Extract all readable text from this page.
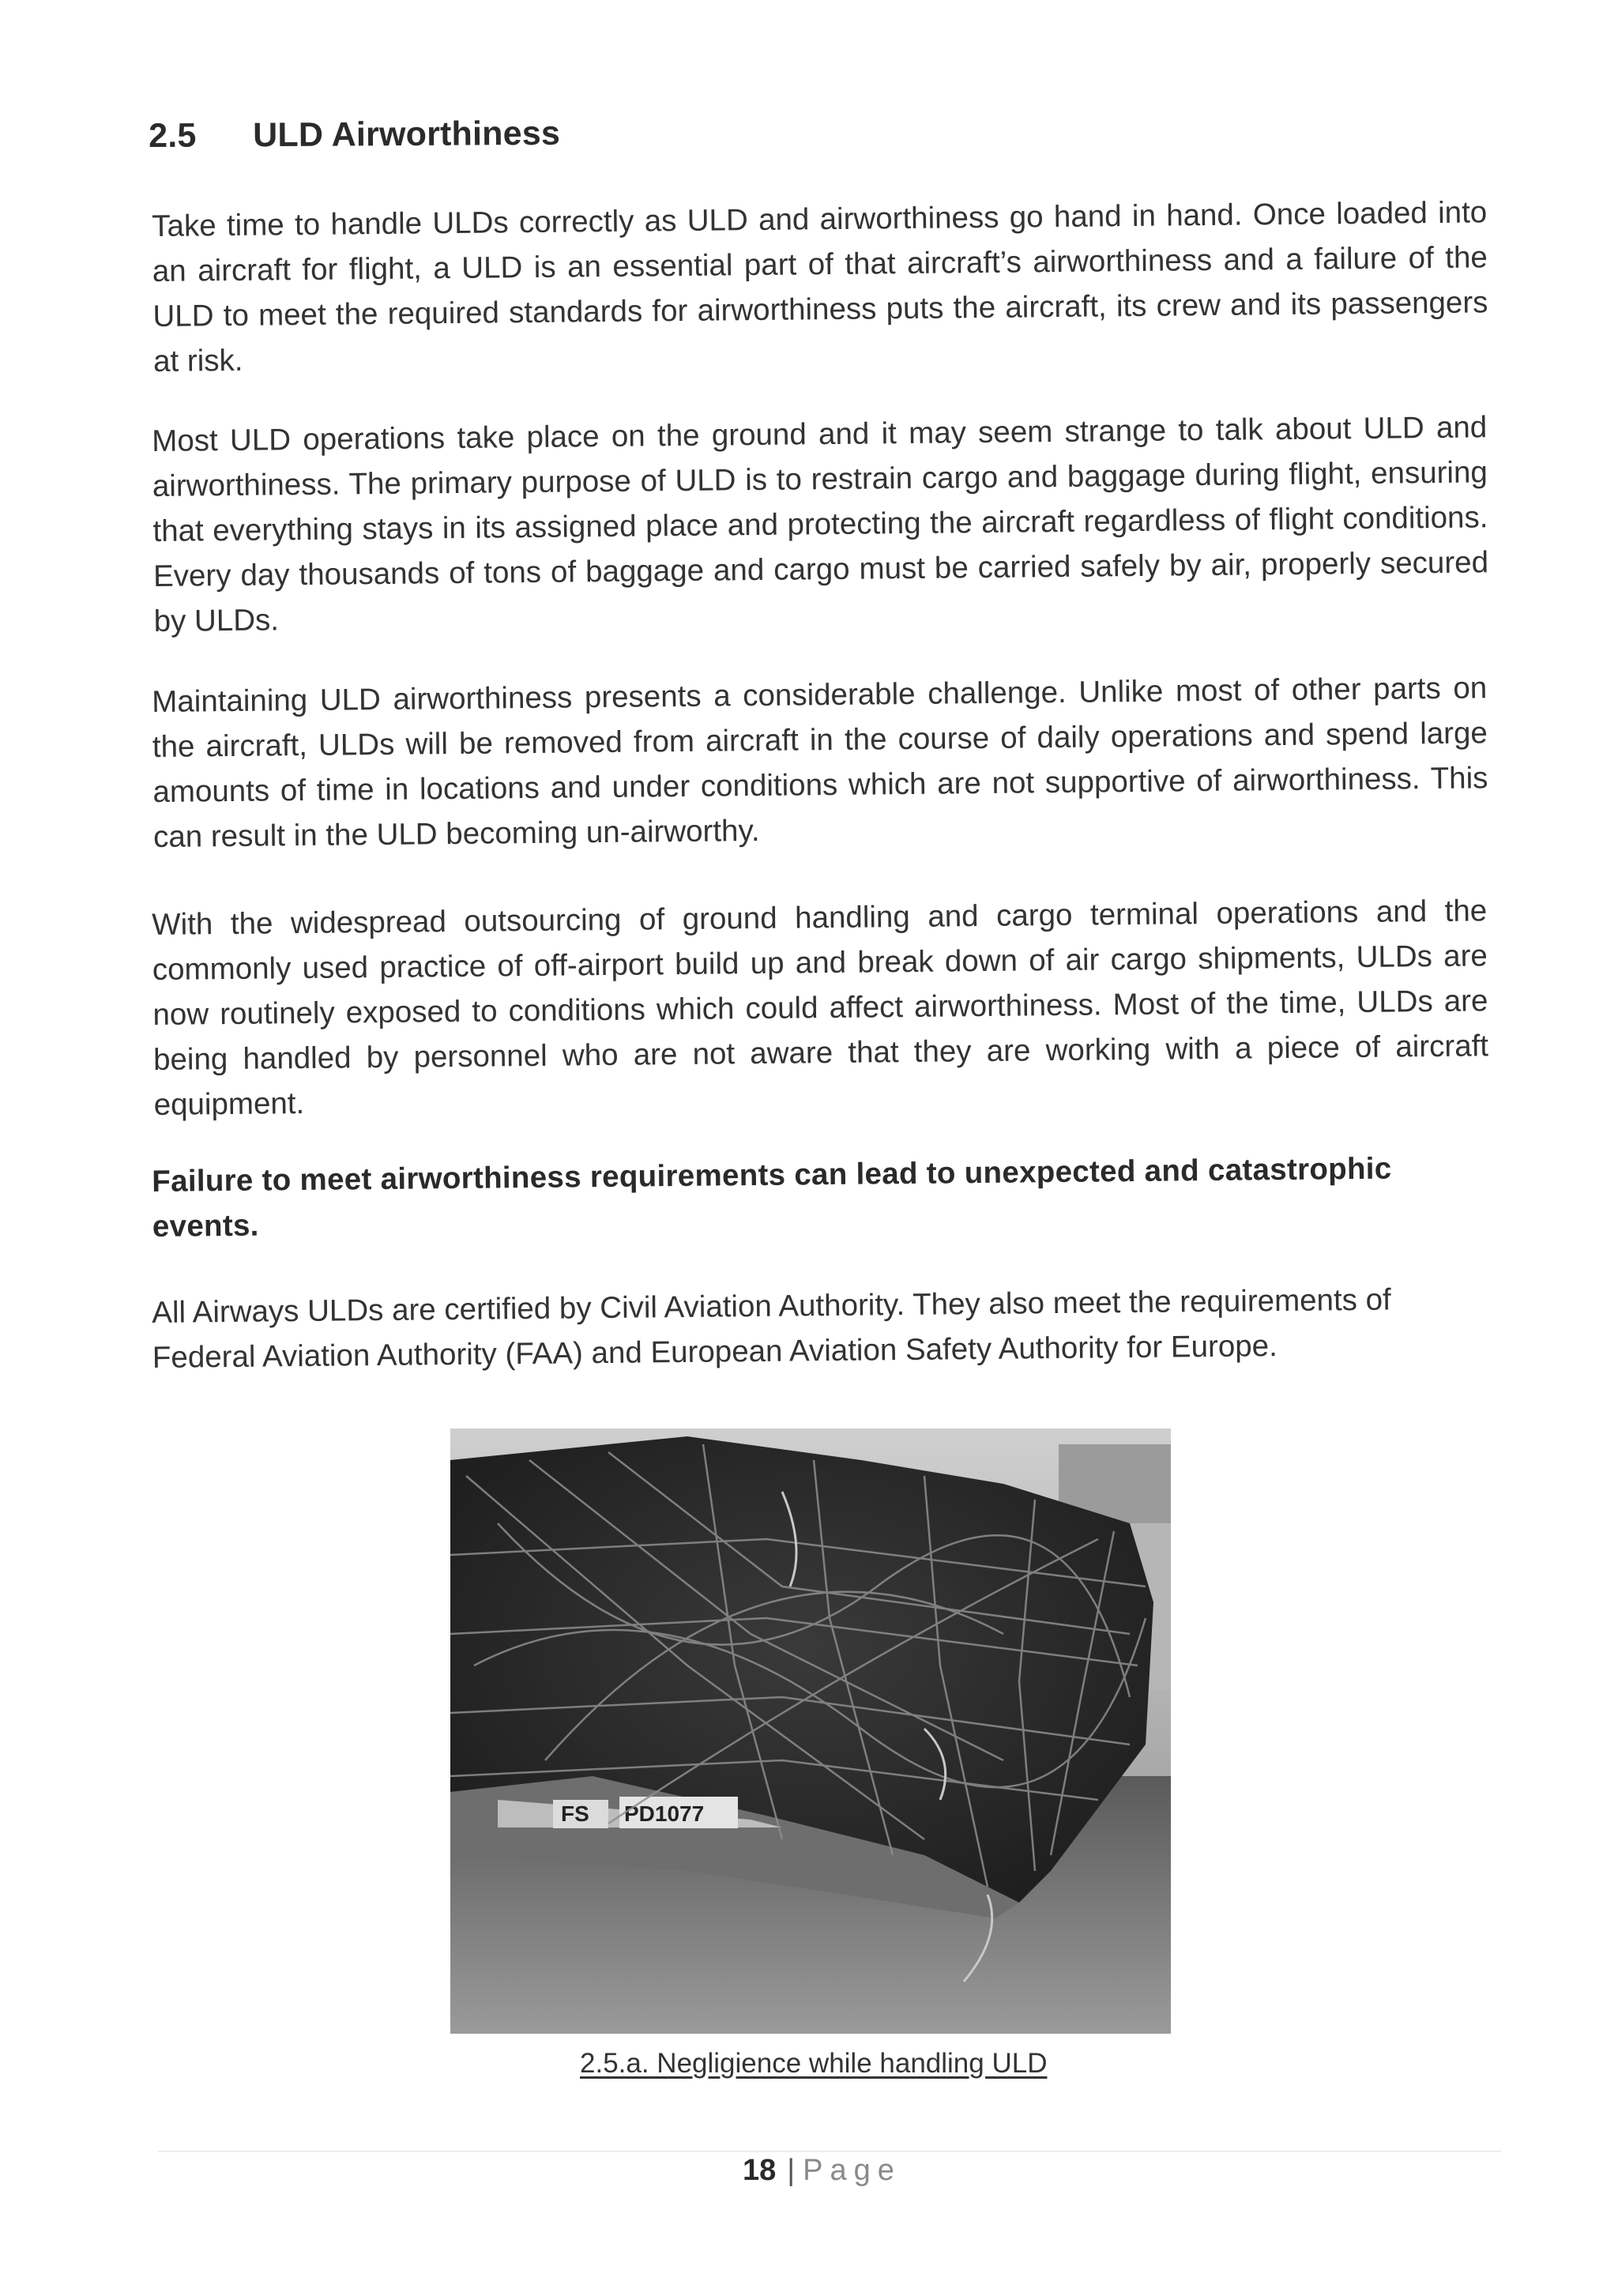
2.5 ULD Airworthiness
Take time to handle ULDs correctly as ULD and airworthiness go hand in hand. Once loaded into an aircraft for flight, a ULD is an essential part of that aircraft’s airworthiness and a failure of the ULD to meet the required standards for airworthiness puts the aircraft, its crew and its passengers at risk.
Most ULD operations take place on the ground and it may seem strange to talk about ULD and airworthiness. The primary purpose of ULD is to restrain cargo and baggage during flight, ensuring that everything stays in its assigned place and protecting the aircraft regardless of flight conditions. Every day thousands of tons of baggage and cargo must be carried safely by air, properly secured by ULDs.
Maintaining ULD airworthiness presents a considerable challenge. Unlike most of other parts on the aircraft, ULDs will be removed from aircraft in the course of daily operations and spend large amounts of time in locations and under conditions which are not supportive of airworthiness. This can result in the ULD becoming un-airworthy.
With the widespread outsourcing of ground handling and cargo terminal operations and the commonly used practice of off-airport build up and break down of air cargo shipments, ULDs are now routinely exposed to conditions which could affect airworthiness. Most of the time, ULDs are being handled by personnel who are not aware that they are working with a piece of aircraft equipment.
Failure to meet airworthiness requirements can lead to unexpected and catastrophic events.
All Airways ULDs are certified by Civil Aviation Authority. They also meet the requirements of Federal Aviation Authority (FAA) and European Aviation Safety Authority for Europe.
FS PD1077
2.5.a. Negligience while handling ULD
18 | Page
